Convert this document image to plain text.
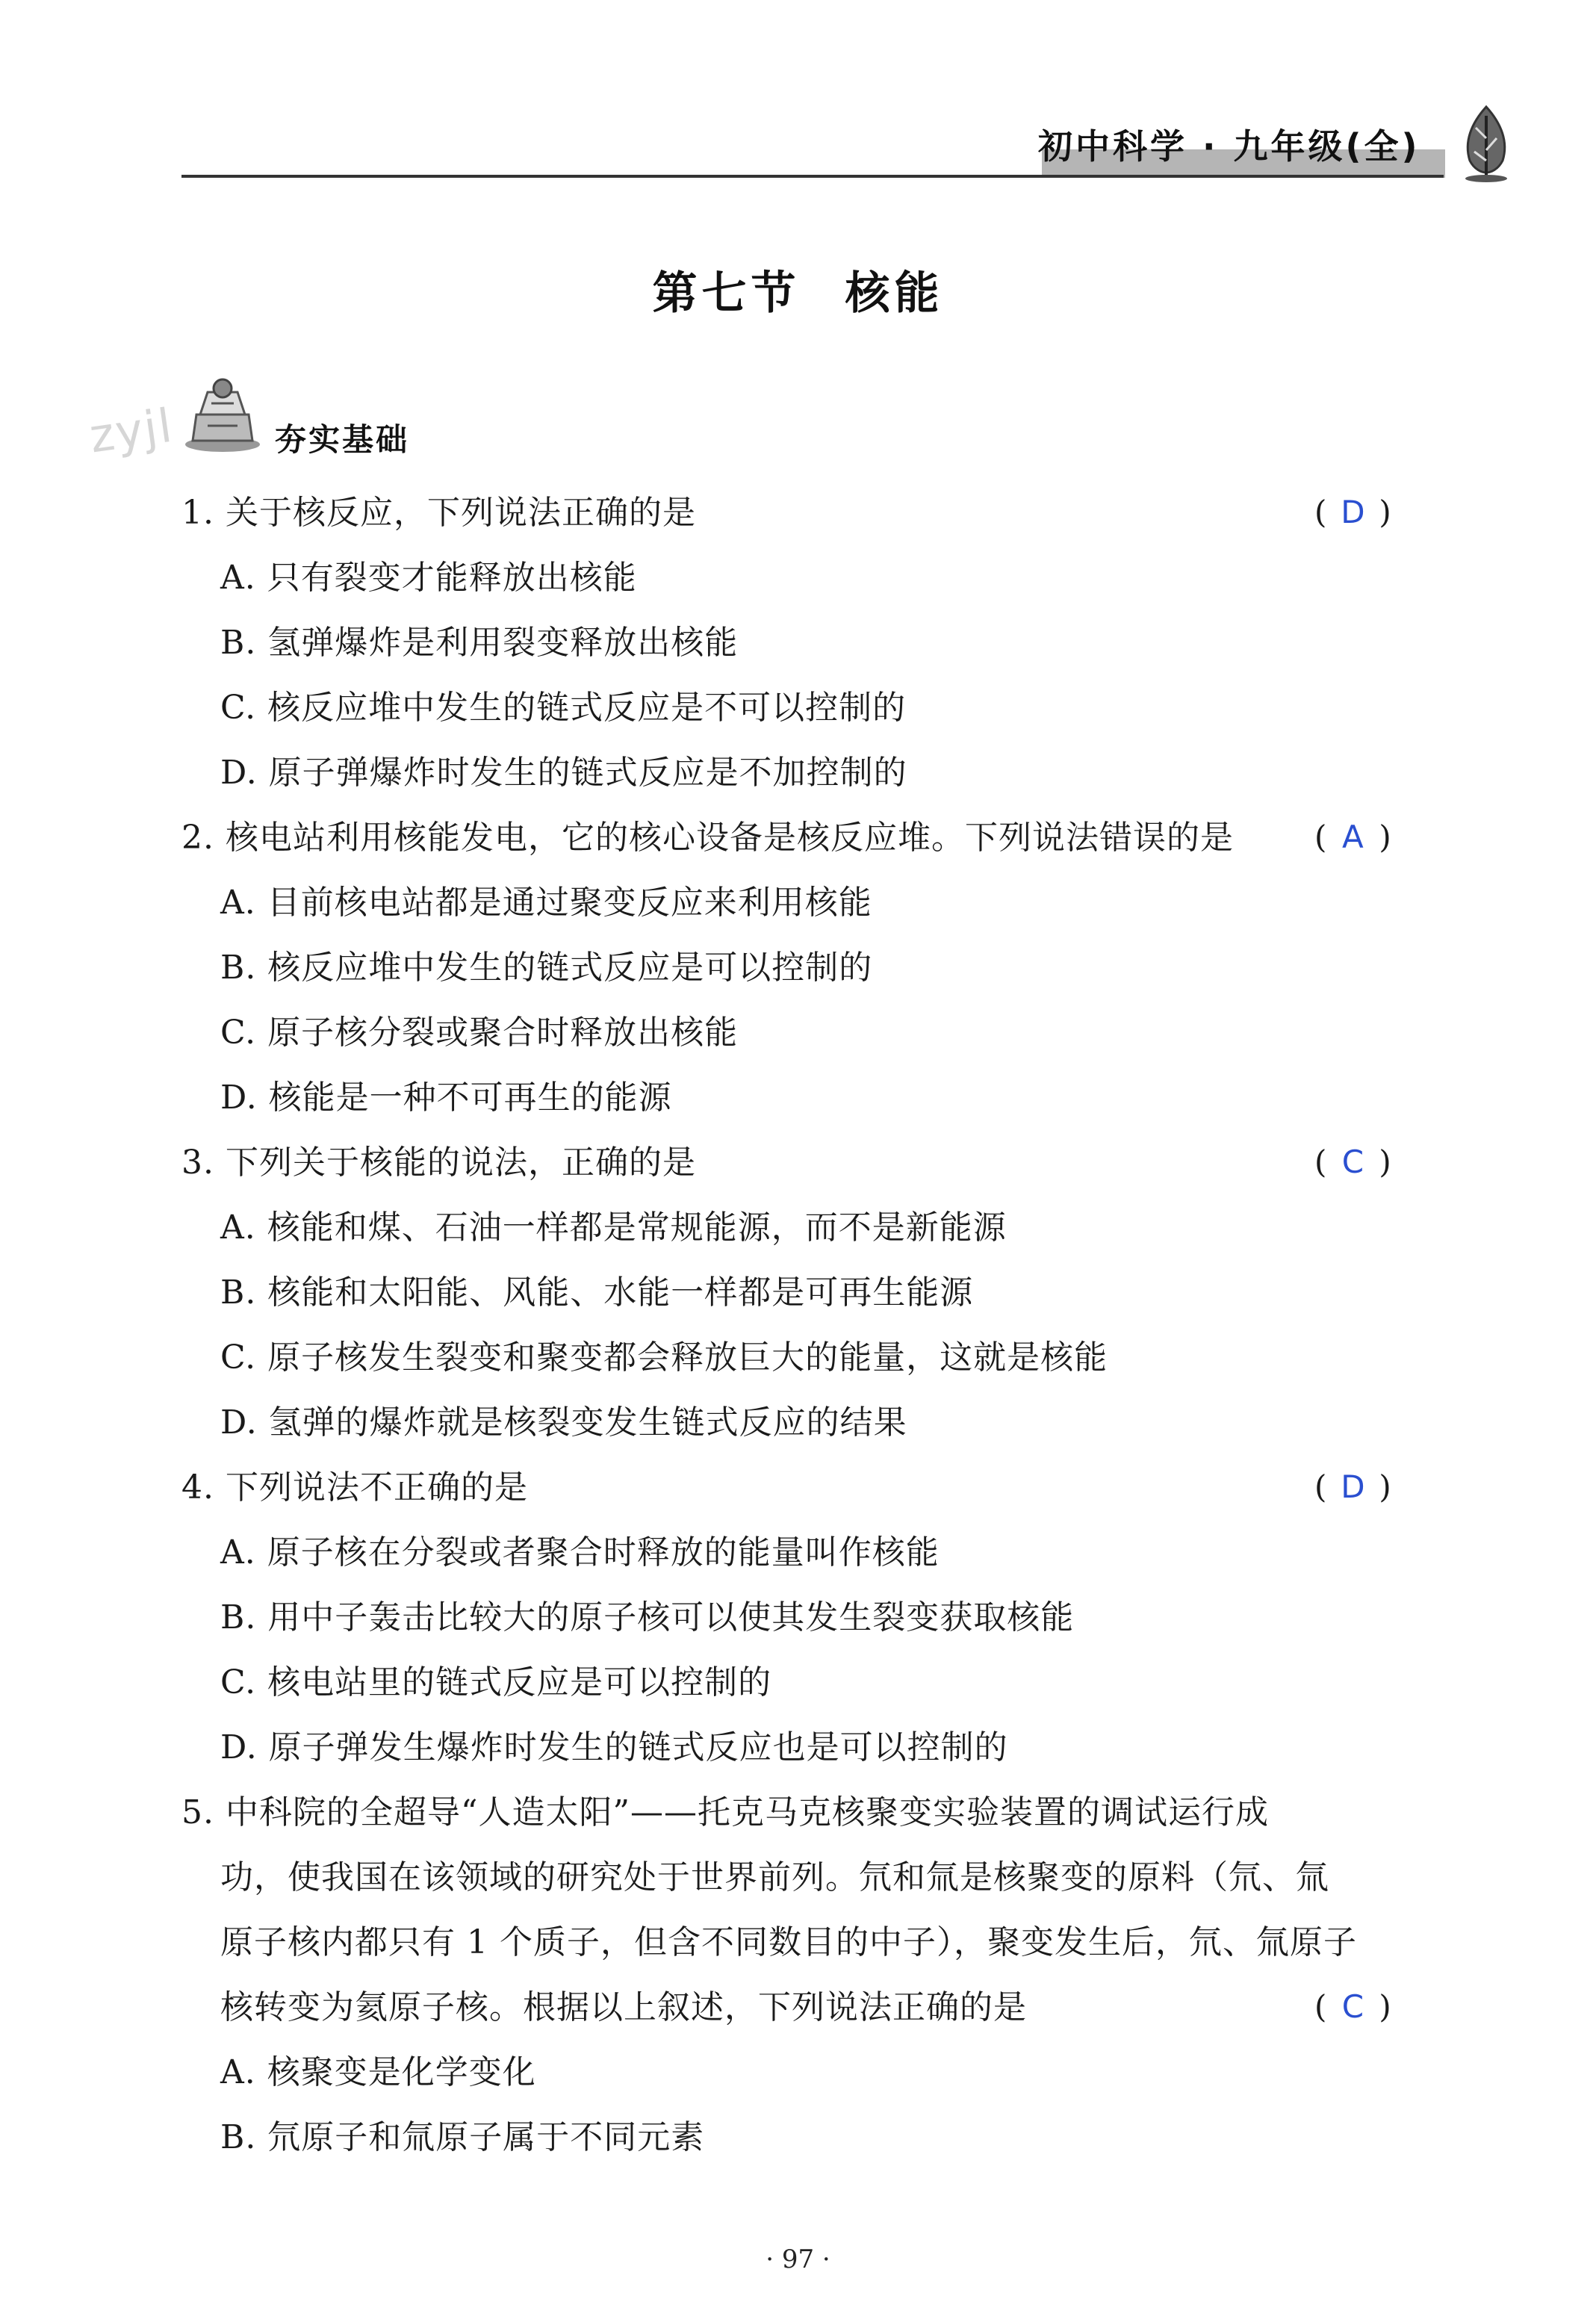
初中科学 · 九年级(全)
第七节 核能
zyjl	夯实基础
1. 关于核反应，下列说法正确的是	( D )
A. 只有裂变才能释放出核能
B. 氢弹爆炸是利用裂变释放出核能
C. 核反应堆中发生的链式反应是不可以控制的
D. 原子弹爆炸时发生的链式反应是不加控制的
2. 核电站利用核能发电，它的核心设备是核反应堆。下列说法错误的是	( A )
A. 目前核电站都是通过聚变反应来利用核能
B. 核反应堆中发生的链式反应是可以控制的
C. 原子核分裂或聚合时释放出核能
D. 核能是一种不可再生的能源
3. 下列关于核能的说法，正确的是	( C )
A. 核能和煤、石油一样都是常规能源，而不是新能源
B. 核能和太阳能、风能、水能一样都是可再生能源
C. 原子核发生裂变和聚变都会释放巨大的能量，这就是核能
D. 氢弹的爆炸就是核裂变发生链式反应的结果
4. 下列说法不正确的是	( D )
A. 原子核在分裂或者聚合时释放的能量叫作核能
B. 用中子轰击比较大的原子核可以使其发生裂变获取核能
C. 核电站里的链式反应是可以控制的
D. 原子弹发生爆炸时发生的链式反应也是可以控制的
5. 中科院的全超导“人造太阳”——托克马克核聚变实验装置的调试运行成
功，使我国在该领域的研究处于世界前列。氘和氚是核聚变的原料（氘、氚
原子核内都只有 1 个质子，但含不同数目的中子），聚变发生后，氘、氚原子
核转变为氦原子核。根据以上叙述，下列说法正确的是	( C )
A. 核聚变是化学变化
B. 氘原子和氚原子属于不同元素
· 97 ·
